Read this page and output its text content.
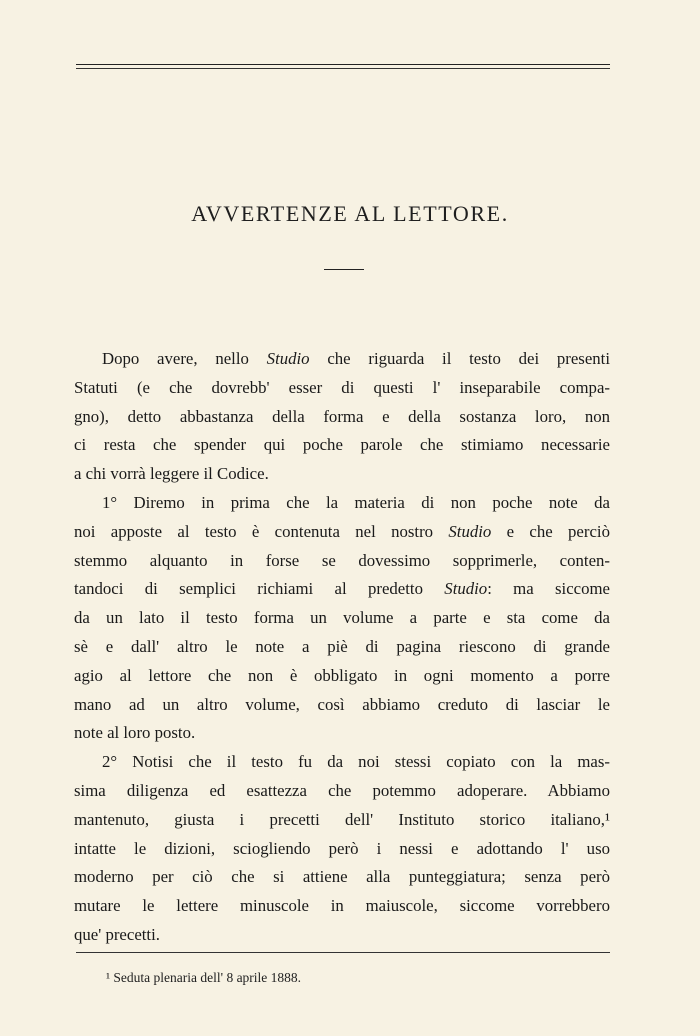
AVVERTENZE AL LETTORE.
Dopo avere, nello Studio che riguarda il testo dei presenti
Statuti (e che dovrebb' esser di questi l' inseparabile compa-
gno), detto abbastanza della forma e della sostanza loro, non
ci resta che spender qui poche parole che stimiamo necessarie
a chi vorrà leggere il Codice.
1° Diremo in prima che la materia di non poche note da
noi apposte al testo è contenuta nel nostro Studio e che perciò
stemmo alquanto in forse se dovessimo sopprimerle, conten-
tandoci di semplici richiami al predetto Studio: ma siccome
da un lato il testo forma un volume a parte e sta come da
sè e dall' altro le note a piè di pagina riescono di grande
agio al lettore che non è obbligato in ogni momento a porre
mano ad un altro volume, così abbiamo creduto di lasciar le
note al loro posto.
2° Notisi che il testo fu da noi stessi copiato con la mas-
sima diligenza ed esattezza che potemmo adoperare. Abbiamo
mantenuto, giusta i precetti dell' Instituto storico italiano,¹
intatte le dizioni, sciogliendo però i nessi e adottando l' uso
moderno per ciò che si attiene alla punteggiatura; senza però
mutare le lettere minuscole in maiuscole, siccome vorrebbero
que' precetti.
¹ Seduta plenaria dell' 8 aprile 1888.
